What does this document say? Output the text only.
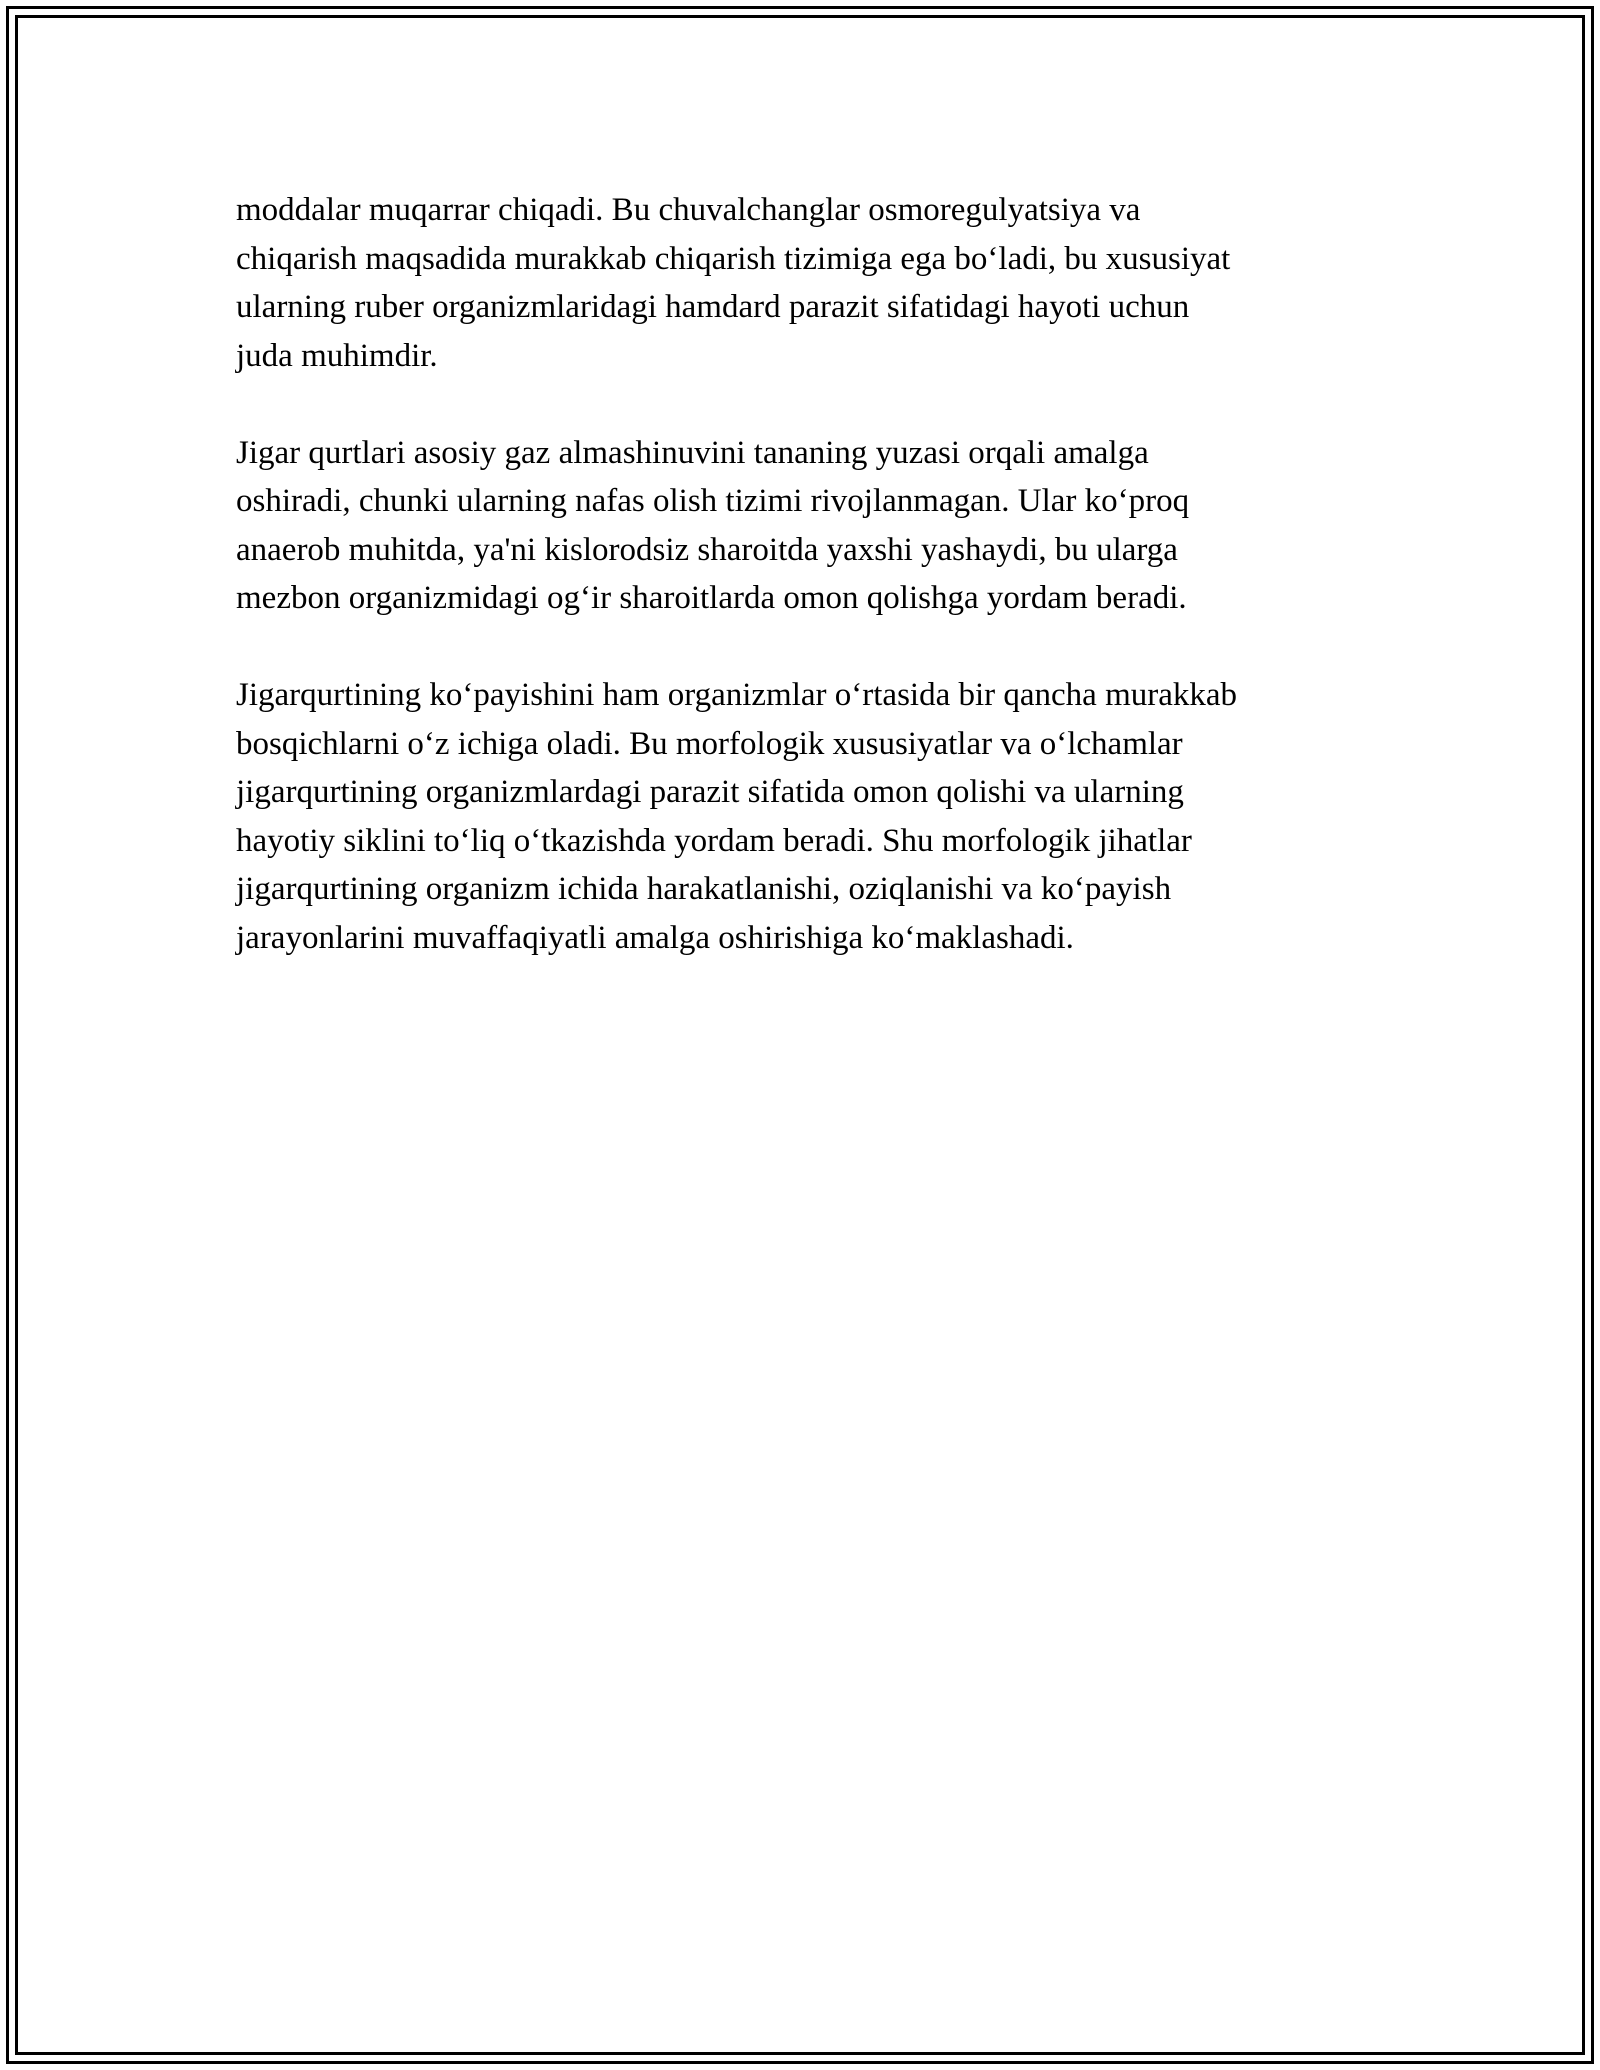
moddalar muqarrar chiqadi. Bu chuvalchanglar osmoregulyatsiya va
chiqarish maqsadida murakkab chiqarish tizimiga ega bo‘ladi, bu xususiyat
ularning ruber organizmlaridagi hamdard parazit sifatidagi hayoti uchun
juda muhimdir.

Jigar qurtlari asosiy gaz almashinuvini tananing yuzasi orqali amalga
oshiradi, chunki ularning nafas olish tizimi rivojlanmagan. Ular ko‘proq
anaerob muhitda, ya'ni kislorodsiz sharoitda yaxshi yashaydi, bu ularga
mezbon organizmidagi og‘ir sharoitlarda omon qolishga yordam beradi.

Jigarqurtining ko‘payishini ham organizmlar o‘rtasida bir qancha murakkab
bosqichlarni o‘z ichiga oladi. Bu morfologik xususiyatlar va o‘lchamlar
jigarqurtining organizmlardagi parazit sifatida omon qolishi va ularning
hayotiy siklini to‘liq o‘tkazishda yordam beradi. Shu morfologik jihatlar
jigarqurtining organizm ichida harakatlanishi, oziqlanishi va ko‘payish
jarayonlarini muvaffaqiyatli amalga oshirishiga ko‘maklashadi.
